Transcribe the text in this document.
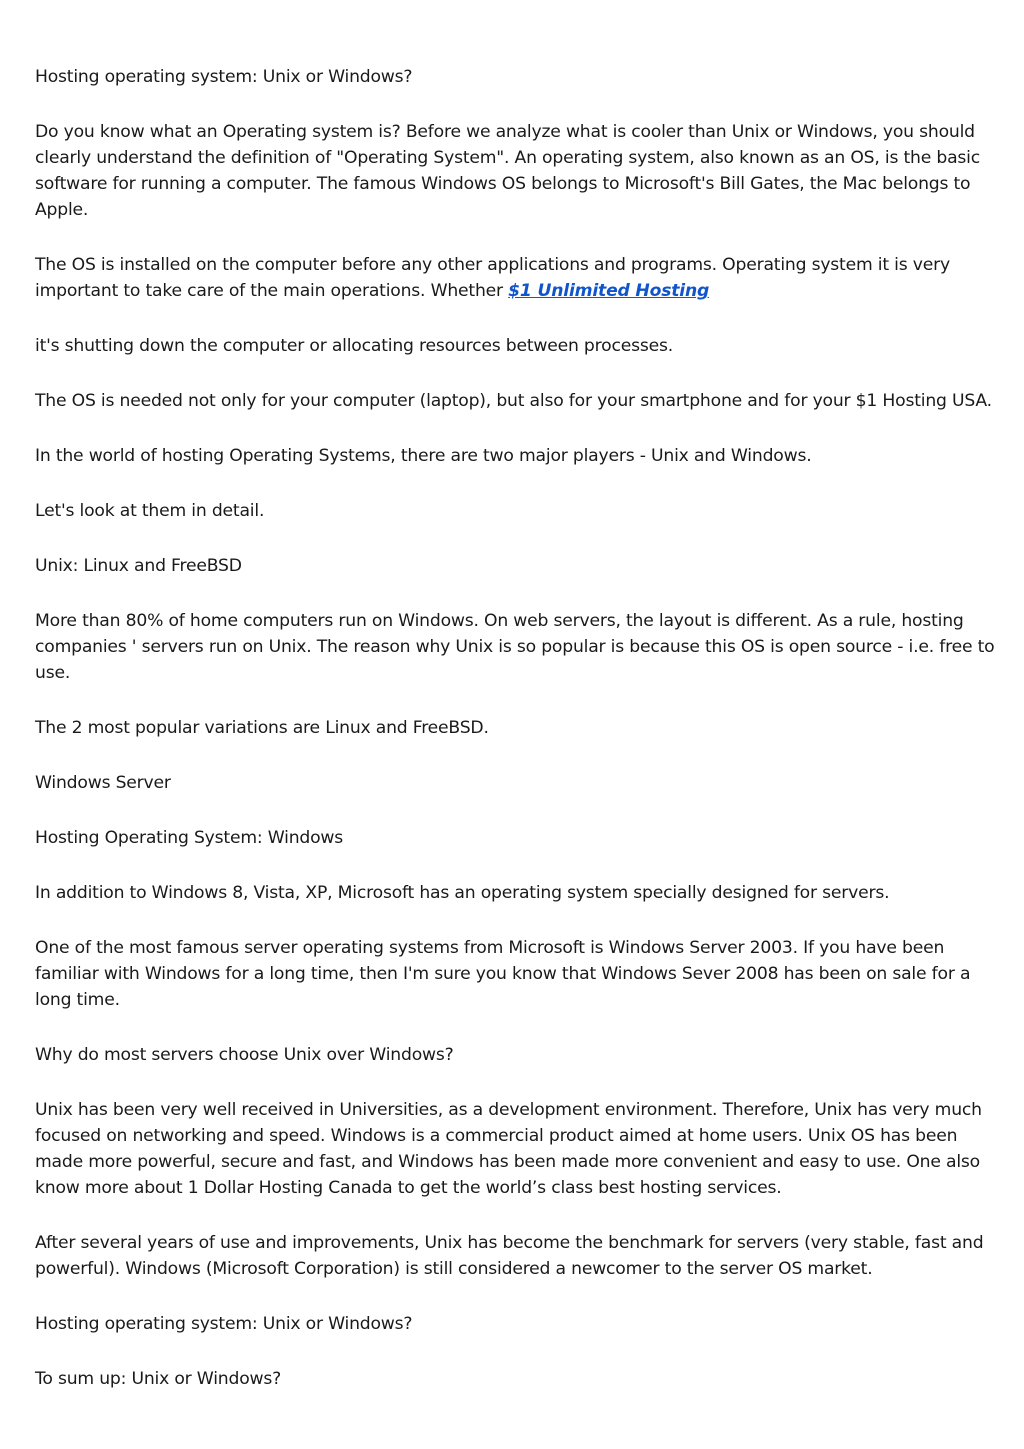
Hosting operating system: Unix or Windows?

Do you know what an Operating system is? Before we analyze what is cooler than Unix or Windows, you should clearly understand the definition of "Operating System". An operating system, also known as an OS, is the basic software for running a computer. The famous Windows OS belongs to Microsoft's Bill Gates, the Mac belongs to Apple.

The OS is installed on the computer before any other applications and programs. Operating system it is very important to take care of the main operations. Whether $1 Unlimited Hosting

it's shutting down the computer or allocating resources between processes.

The OS is needed not only for your computer (laptop), but also for your smartphone and for your $1 Hosting USA.

In the world of hosting Operating Systems, there are two major players - Unix and Windows.

Let's look at them in detail.

Unix: Linux and FreeBSD

More than 80% of home computers run on Windows. On web servers, the layout is different. As a rule, hosting companies ' servers run on Unix. The reason why Unix is so popular is because this OS is open source - i.e. free to use.

The 2 most popular variations are Linux and FreeBSD.

Windows Server

Hosting Operating System: Windows

In addition to Windows 8, Vista, XP, Microsoft has an operating system specially designed for servers.

One of the most famous server operating systems from Microsoft is Windows Server 2003. If you have been familiar with Windows for a long time, then I'm sure you know that Windows Sever 2008 has been on sale for a long time.

Why do most servers choose Unix over Windows?

Unix has been very well received in Universities, as a development environment. Therefore, Unix has very much focused on networking and speed. Windows is a commercial product aimed at home users. Unix OS has been made more powerful, secure and fast, and Windows has been made more convenient and easy to use. One also know more about 1 Dollar Hosting Canada to get the world’s class best hosting services.

After several years of use and improvements, Unix has become the benchmark for servers (very stable, fast and powerful). Windows (Microsoft Corporation) is still considered a newcomer to the server OS market.

Hosting operating system: Unix or Windows?

To sum up: Unix or Windows?
